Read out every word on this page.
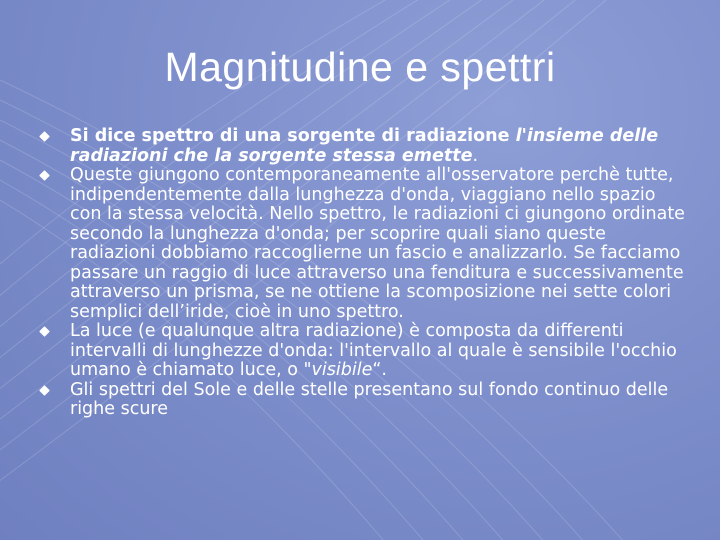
Magnitudine e spettri
Si dice spettro di una sorgente di radiazione l'insieme delle radiazioni che la sorgente stessa emette.
Queste giungono contemporaneamente all'osservatore perchè tutte, indipendentemente dalla lunghezza d'onda, viaggiano nello spazio con la stessa velocità. Nello spettro, le radiazioni ci giungono ordinate secondo la lunghezza d'onda; per scoprire quali siano queste radiazioni dobbiamo raccoglierne un fascio e analizzarlo. Se facciamo passare un raggio di luce attraverso una fenditura e successivamente attraverso un prisma, se ne ottiene la scomposizione nei sette colori semplici dell’iride, cioè in uno spettro.
La luce (e qualunque altra radiazione) è composta da differenti intervalli di lunghezze d'onda: l'intervallo al quale è sensibile l'occhio umano è chiamato luce, o "visibile“.
Gli spettri del Sole e delle stelle presentano sul fondo continuo delle righe scure
